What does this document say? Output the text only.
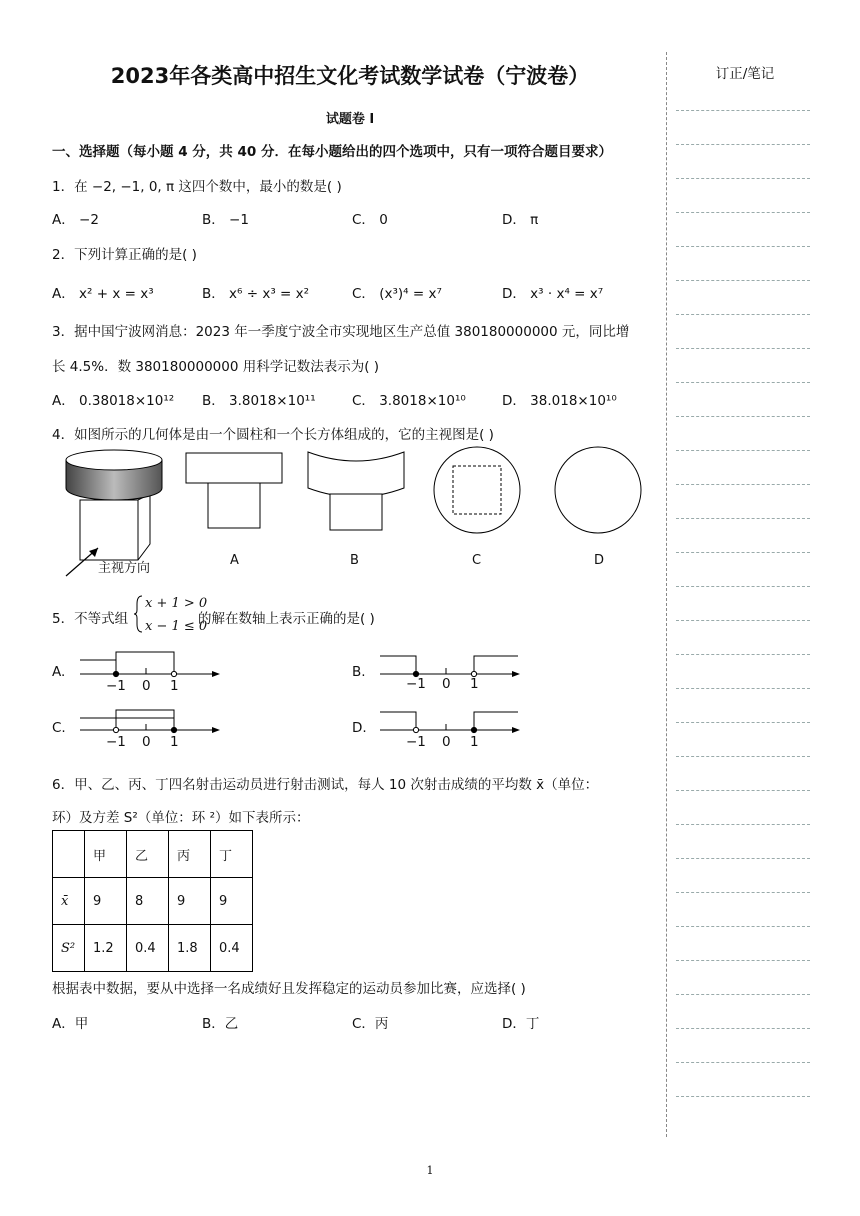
2023年各类高中招生文化考试数学试卷（宁波卷）
试题卷 I
一、选择题（每小题 4 分，共 40 分．在每小题给出的四个选项中，只有一项符合题目要求）
1．在 −2, −1, 0, π 这四个数中，最小的数是( )
A． −2	B． −1	C． 0	D． π
2．下列计算正确的是( )
A． x² + x = x³	B． x⁶ ÷ x³ = x²	C． (x³)⁴ = x⁷	D． x³ · x⁴ = x⁷
3．据中国宁波网消息：2023 年一季度宁波全市实现地区生产总值 380180000000 元，同比增
长 4.5%．数 380180000000 用科学记数法表示为( )
A． 0.38018×10¹² B． 3.8018×10¹¹	C． 3.8018×10¹⁰	D． 38.018×10¹⁰
4．如图所示的几何体是由一个圆柱和一个长方体组成的，它的主视图是( )
主视方向
A	B	C	D
5．不等式组
x + 1 > 0
x − 1 ≤ 0
的解在数轴上表示正确的是( )
A.
−1 0 1
B.
−1 0 1
C.
−1 0 1
D.
−1 0 1
6．甲、乙、丙、丁四名射击运动员进行射击测试，每人 10 次射击成绩的平均数 x̄（单位：
环）及方差 S²（单位：环 ²）如下表所示：
	甲	乙	丙	丁
x̄	9	8	9	9
S²	1.2	0.4	1.8	0.4
根据表中数据，要从中选择一名成绩好且发挥稳定的运动员参加比赛，应选择( )
A．甲	B．乙	C．丙	D．丁
订正/笔记
1
